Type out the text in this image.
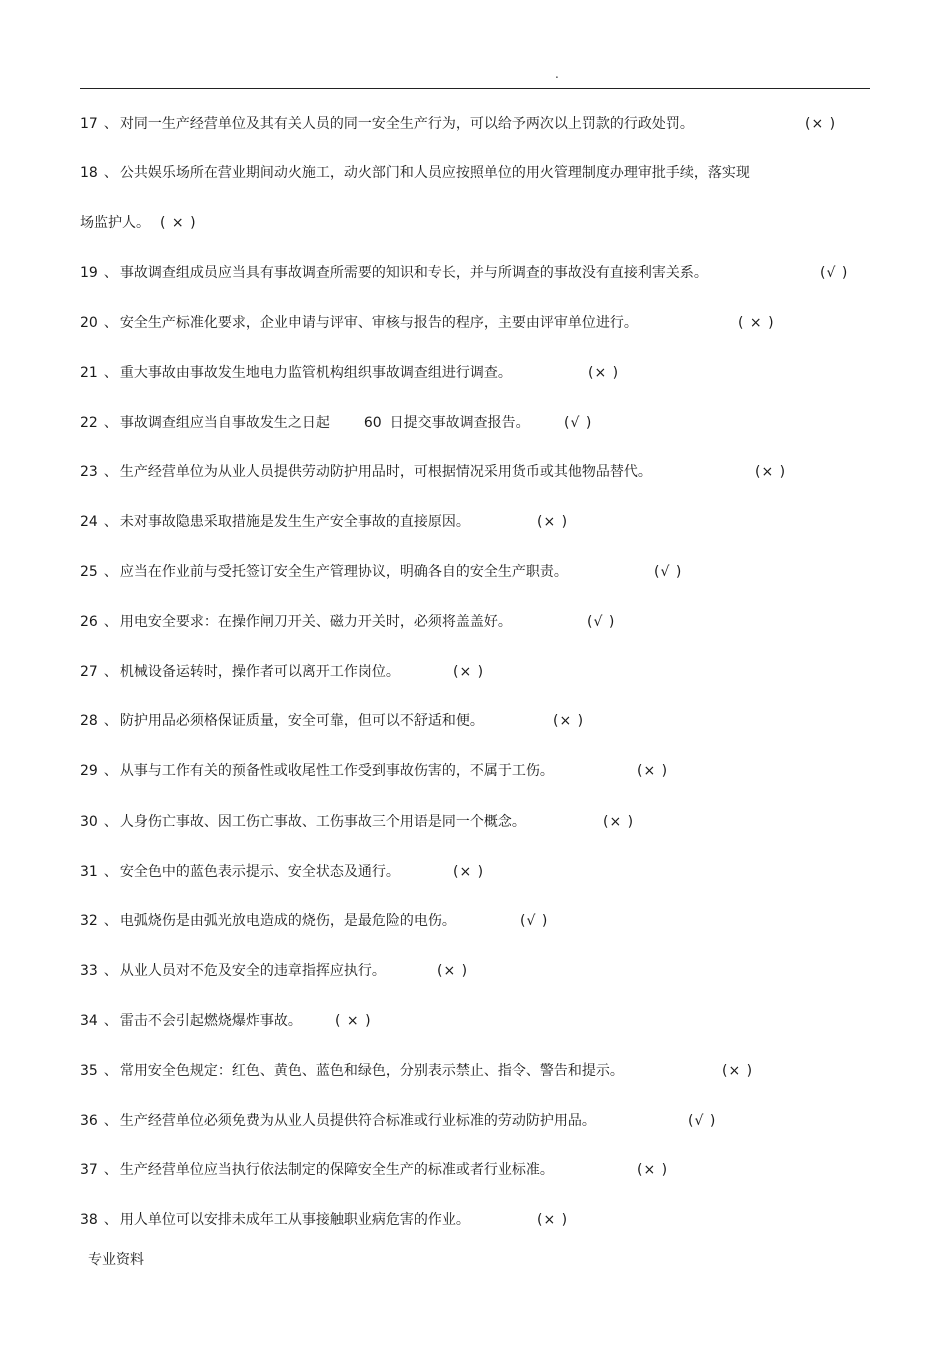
.
17 、 对同一生产经营单位及其有关人员的同一安全生产行为，可以给予两次以上罚款的行政处罚。	(× )
18 、 公共娱乐场所在营业期间动火施工，动火部门和人员应按照单位的用火管理制度办理审批手续，落实现
场监护人。 ( × )
19 、 事故调查组成员应当具有事故调查所需要的知识和专长，并与所调查的事故没有直接利害关系。	(√ )
20 、 安全生产标准化要求，企业申请与评审、审核与报告的程序，主要由评审单位进行。	( × )
21 、 重大事故由事故发生地电力监管机构组织事故调查组进行调查。	(× )
22 、 事故调查组应当自事故发生之日起 60 日提交事故调查报告。 (√ )
23 、 生产经营单位为从业人员提供劳动防护用品时，可根据情况采用货币或其他物品替代。	(× )
24 、 未对事故隐患采取措施是发生生产安全事故的直接原因。	(× )
25 、 应当在作业前与受托签订安全生产管理协议，明确各自的安全生产职责。	(√ )
26 、 用电安全要求：在操作闸刀开关、磁力开关时，必须将盖盖好。	(√ )
27 、 机械设备运转时，操作者可以离开工作岗位。	(× )
28 、 防护用品必须格保证质量，安全可靠，但可以不舒适和便。	(× )
29 、 从事与工作有关的预备性或收尾性工作受到事故伤害的，不属于工伤。	(× )
30 、 人身伤亡事故、因工伤亡事故、工伤事故三个用语是同一个概念。	(× )
31 、 安全色中的蓝色表示提示、安全状态及通行。	(× )
32 、 电弧烧伤是由弧光放电造成的烧伤，是最危险的电伤。	(√ )
33 、 从业人员对不危及安全的违章指挥应执行。	(× )
34 、 雷击不会引起燃烧爆炸事故。 ( × )
35 、 常用安全色规定：红色、黄色、蓝色和绿色，分别表示禁止、指令、警告和提示。	(× )
36 、 生产经营单位必须免费为从业人员提供符合标准或行业标准的劳动防护用品。	(√ )
37 、 生产经营单位应当执行依法制定的保障安全生产的标准或者行业标准。	(× )
38 、 用人单位可以安排未成年工从事接触职业病危害的作业。	(× )
专业资料
